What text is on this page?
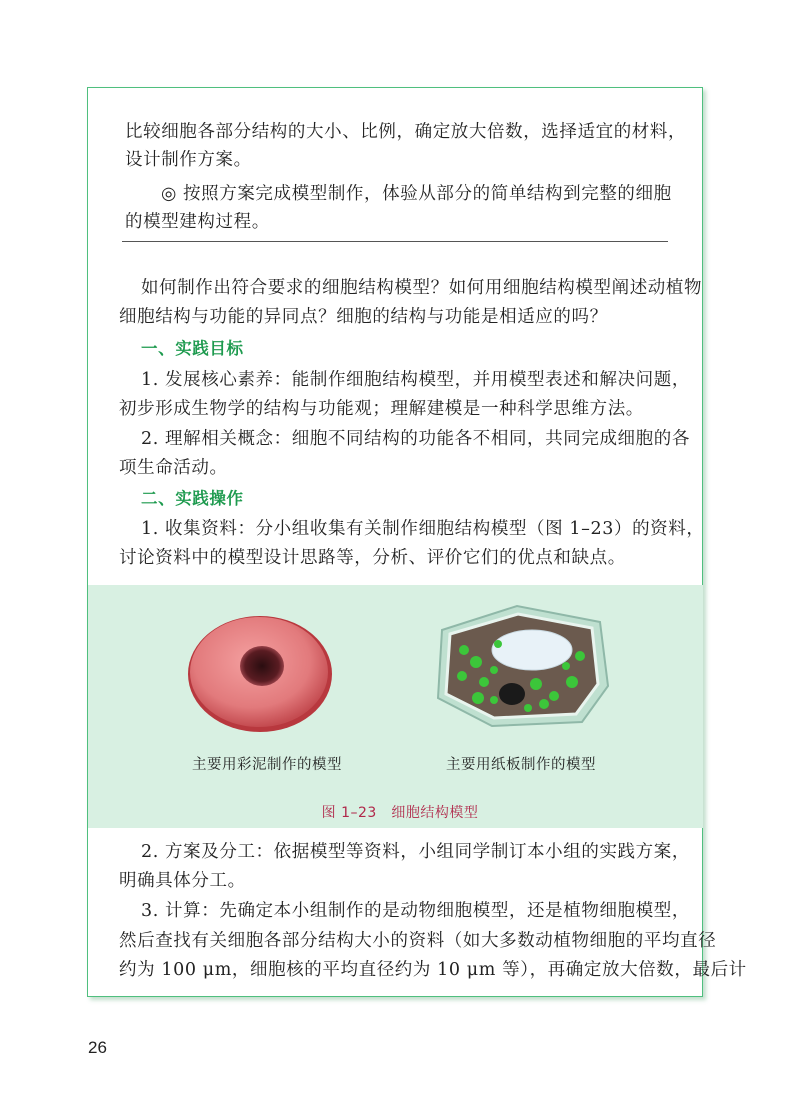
比较细胞各部分结构的大小、比例，确定放大倍数，选择适宜的材料，
设计制作方案。
◎ 按照方案完成模型制作，体验从部分的简单结构到完整的细胞
的模型建构过程。
如何制作出符合要求的细胞结构模型？如何用细胞结构模型阐述动植物
细胞结构与功能的异同点？细胞的结构与功能是相适应的吗？
一、实践目标
1. 发展核心素养：能制作细胞结构模型，并用模型表述和解决问题，
初步形成生物学的结构与功能观；理解建模是一种科学思维方法。
2. 理解相关概念：细胞不同结构的功能各不相同，共同完成细胞的各
项生命活动。
二、实践操作
1. 收集资料：分小组收集有关制作细胞结构模型（图 1–23）的资料，
讨论资料中的模型设计思路等，分析、评价它们的优点和缺点。
主要用彩泥制作的模型	主要用纸板制作的模型
图 1–23　细胞结构模型
2. 方案及分工：依据模型等资料，小组同学制订本小组的实践方案，
明确具体分工。
3. 计算：先确定本小组制作的是动物细胞模型，还是植物细胞模型，
然后查找有关细胞各部分结构大小的资料（如大多数动植物细胞的平均直径
约为 100 μm，细胞核的平均直径约为 10 μm 等），再确定放大倍数，最后计
26
